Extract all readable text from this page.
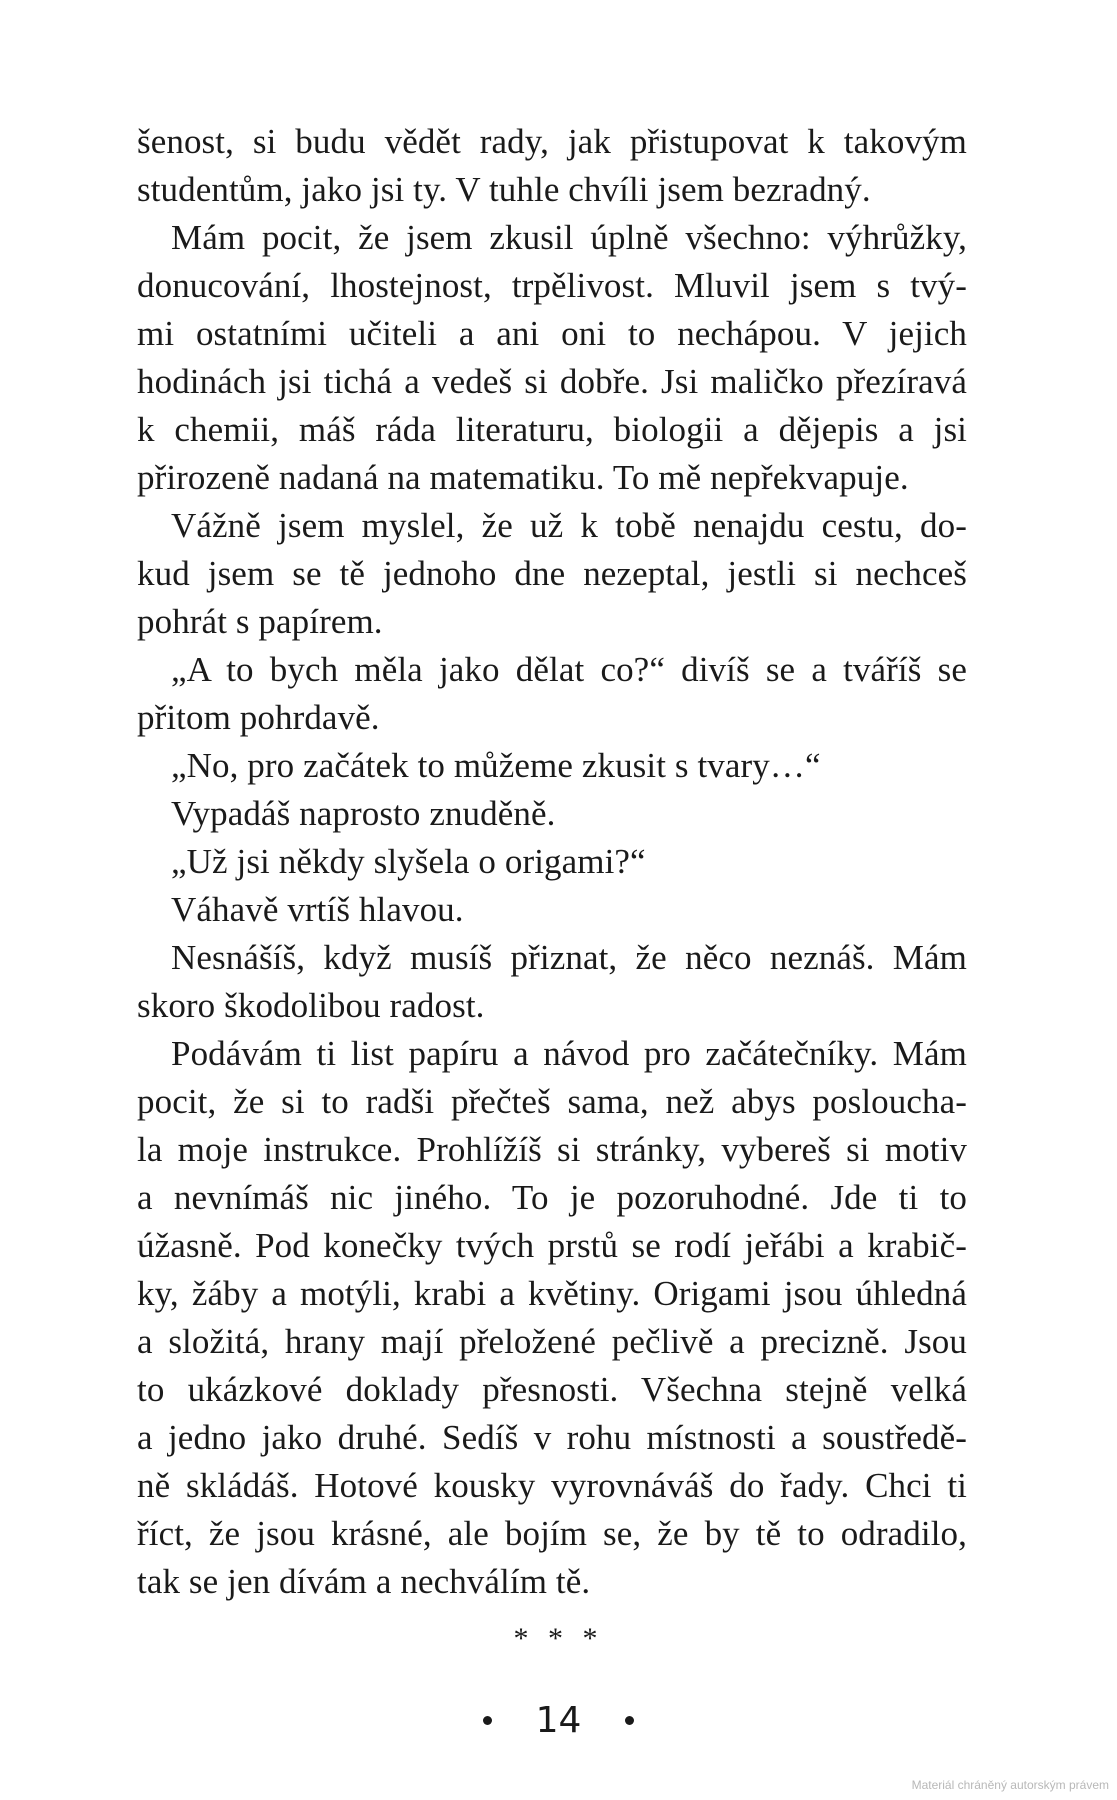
šenost, si budu vědět rady, jak přistupovat k takovým
studentům, jako jsi ty. V tuhle chvíli jsem bezradný.
Mám pocit, že jsem zkusil úplně všechno: výhrůžky,
donucování, lhostejnost, trpělivost. Mluvil jsem s tvý-
mi ostatními učiteli a ani oni to nechápou. V jejich
hodinách jsi tichá a vedeš si dobře. Jsi maličko přezíravá
k chemii, máš ráda literaturu, biologii a dějepis a jsi
přirozeně nadaná na matematiku. To mě nepřekvapuje.
Vážně jsem myslel, že už k tobě nenajdu cestu, do-
kud jsem se tě jednoho dne nezeptal, jestli si nechceš
pohrát s papírem.
„A to bych měla jako dělat co?“ divíš se a tváříš se
přitom pohrdavě.
„No, pro začátek to můžeme zkusit s tvary…“
Vypadáš naprosto znuděně.
„Už jsi někdy slyšela o origami?“
Váhavě vrtíš hlavou.
Nesnášíš, když musíš přiznat, že něco neznáš. Mám
skoro škodolibou radost.
Podávám ti list papíru a návod pro začátečníky. Mám
pocit, že si to radši přečteš sama, než abys posloucha-
la moje instrukce. Prohlížíš si stránky, vybereš si motiv
a nevnímáš nic jiného. To je pozoruhodné. Jde ti to
úžasně. Pod konečky tvých prstů se rodí jeřábi a krabič-
ky, žáby a motýli, krabi a květiny. Origami jsou úhledná
a složitá, hrany mají přeložené pečlivě a precizně. Jsou
to ukázkové doklady přesnosti. Všechna stejně velká
a jedno jako druhé. Sedíš v rohu místnosti a soustředě-
ně skládáš. Hotové kousky vyrovnáváš do řady. Chci ti
říct, že jsou krásné, ale bojím se, že by tě to odradilo,
tak se jen dívám a nechválím tě.
* * *
14
Materiál chráněný autorským právem
